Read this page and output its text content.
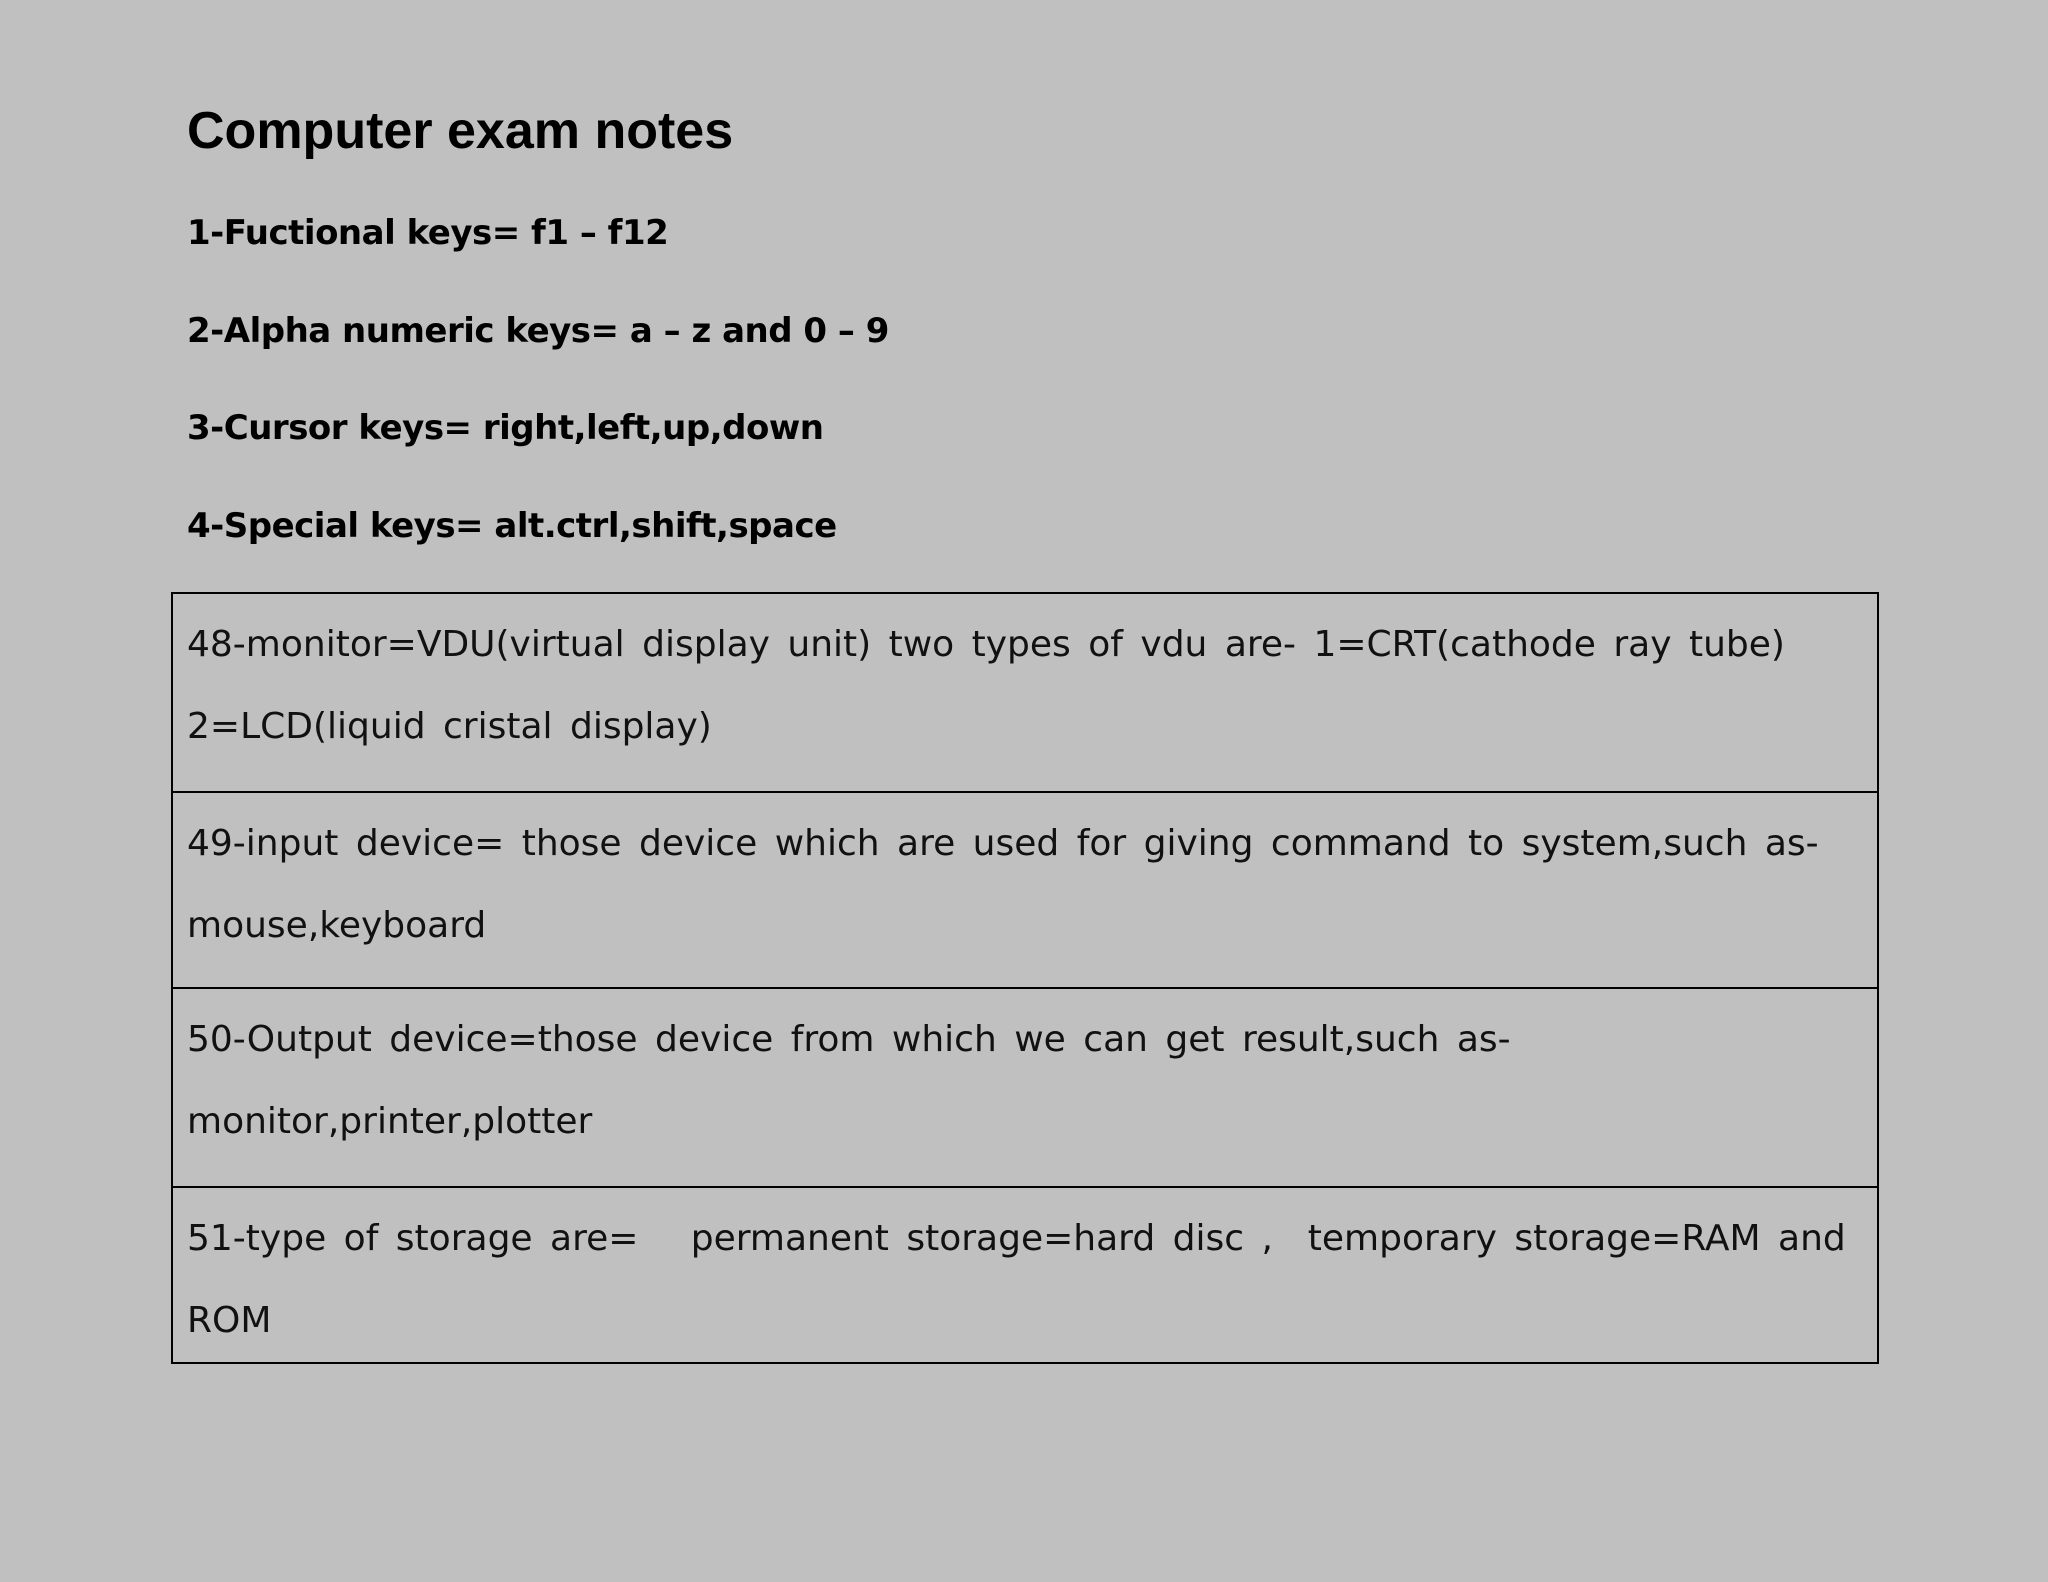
Computer exam notes

1-Fuctional keys= f1 – f12

2-Alpha numeric keys= a – z and 0 – 9

3-Cursor keys= right,left,up,down

4-Special keys= alt.ctrl,shift,space

48-monitor=VDU(virtual display unit) two types of vdu are- 1=CRT(cathode ray tube)
2=LCD(liquid cristal display)

49-input device= those device which are used for giving command to system,such as-
mouse,keyboard

50-Output device=those device from which we can get result,such as-
monitor,printer,plotter

51-type of storage are=   permanent storage=hard disc ,  temporary storage=RAM and
ROM
